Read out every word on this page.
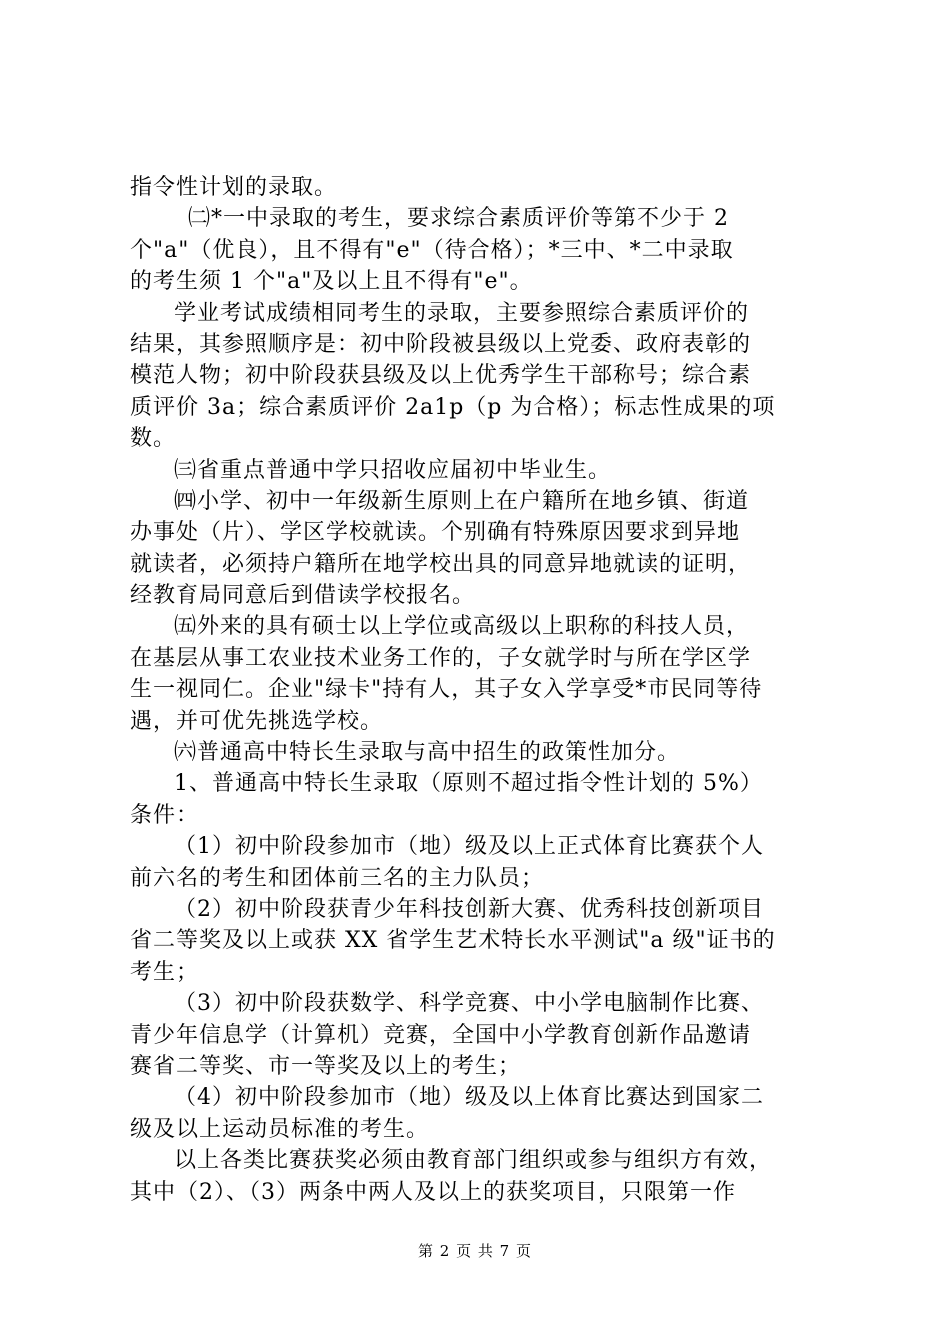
指令性计划的录取。
㈡*一中录取的考生，要求综合素质评价等第不少于 2
个"a"（优良），且不得有"e"（待合格）；*三中、*二中录取
的考生须 1 个"a"及以上且不得有"e"。
学业考试成绩相同考生的录取，主要参照综合素质评价的
结果，其参照顺序是：初中阶段被县级以上党委、政府表彰的
模范人物；初中阶段获县级及以上优秀学生干部称号；综合素
质评价 3a；综合素质评价 2a1p（p 为合格）；标志性成果的项
数。
㈢省重点普通中学只招收应届初中毕业生。
㈣小学、初中一年级新生原则上在户籍所在地乡镇、街道
办事处（片）、学区学校就读。个别确有特殊原因要求到异地
就读者，必须持户籍所在地学校出具的同意异地就读的证明，
经教育局同意后到借读学校报名。
㈤外来的具有硕士以上学位或高级以上职称的科技人员，
在基层从事工农业技术业务工作的，子女就学时与所在学区学
生一视同仁。企业"绿卡"持有人，其子女入学享受*市民同等待
遇，并可优先挑选学校。
㈥普通高中特长生录取与高中招生的政策性加分。
1、普通高中特长生录取（原则不超过指令性计划的 5%）
条件：
（1）初中阶段参加市（地）级及以上正式体育比赛获个人
前六名的考生和团体前三名的主力队员；
（2）初中阶段获青少年科技创新大赛、优秀科技创新项目
省二等奖及以上或获 XX 省学生艺术特长水平测试"a 级"证书的
考生；
（3）初中阶段获数学、科学竞赛、中小学电脑制作比赛、
青少年信息学（计算机）竞赛，全国中小学教育创新作品邀请
赛省二等奖、市一等奖及以上的考生；
（4）初中阶段参加市（地）级及以上体育比赛达到国家二
级及以上运动员标准的考生。
以上各类比赛获奖必须由教育部门组织或参与组织方有效，
其中（2）、（3）两条中两人及以上的获奖项目，只限第一作
第 2 页 共 7 页
